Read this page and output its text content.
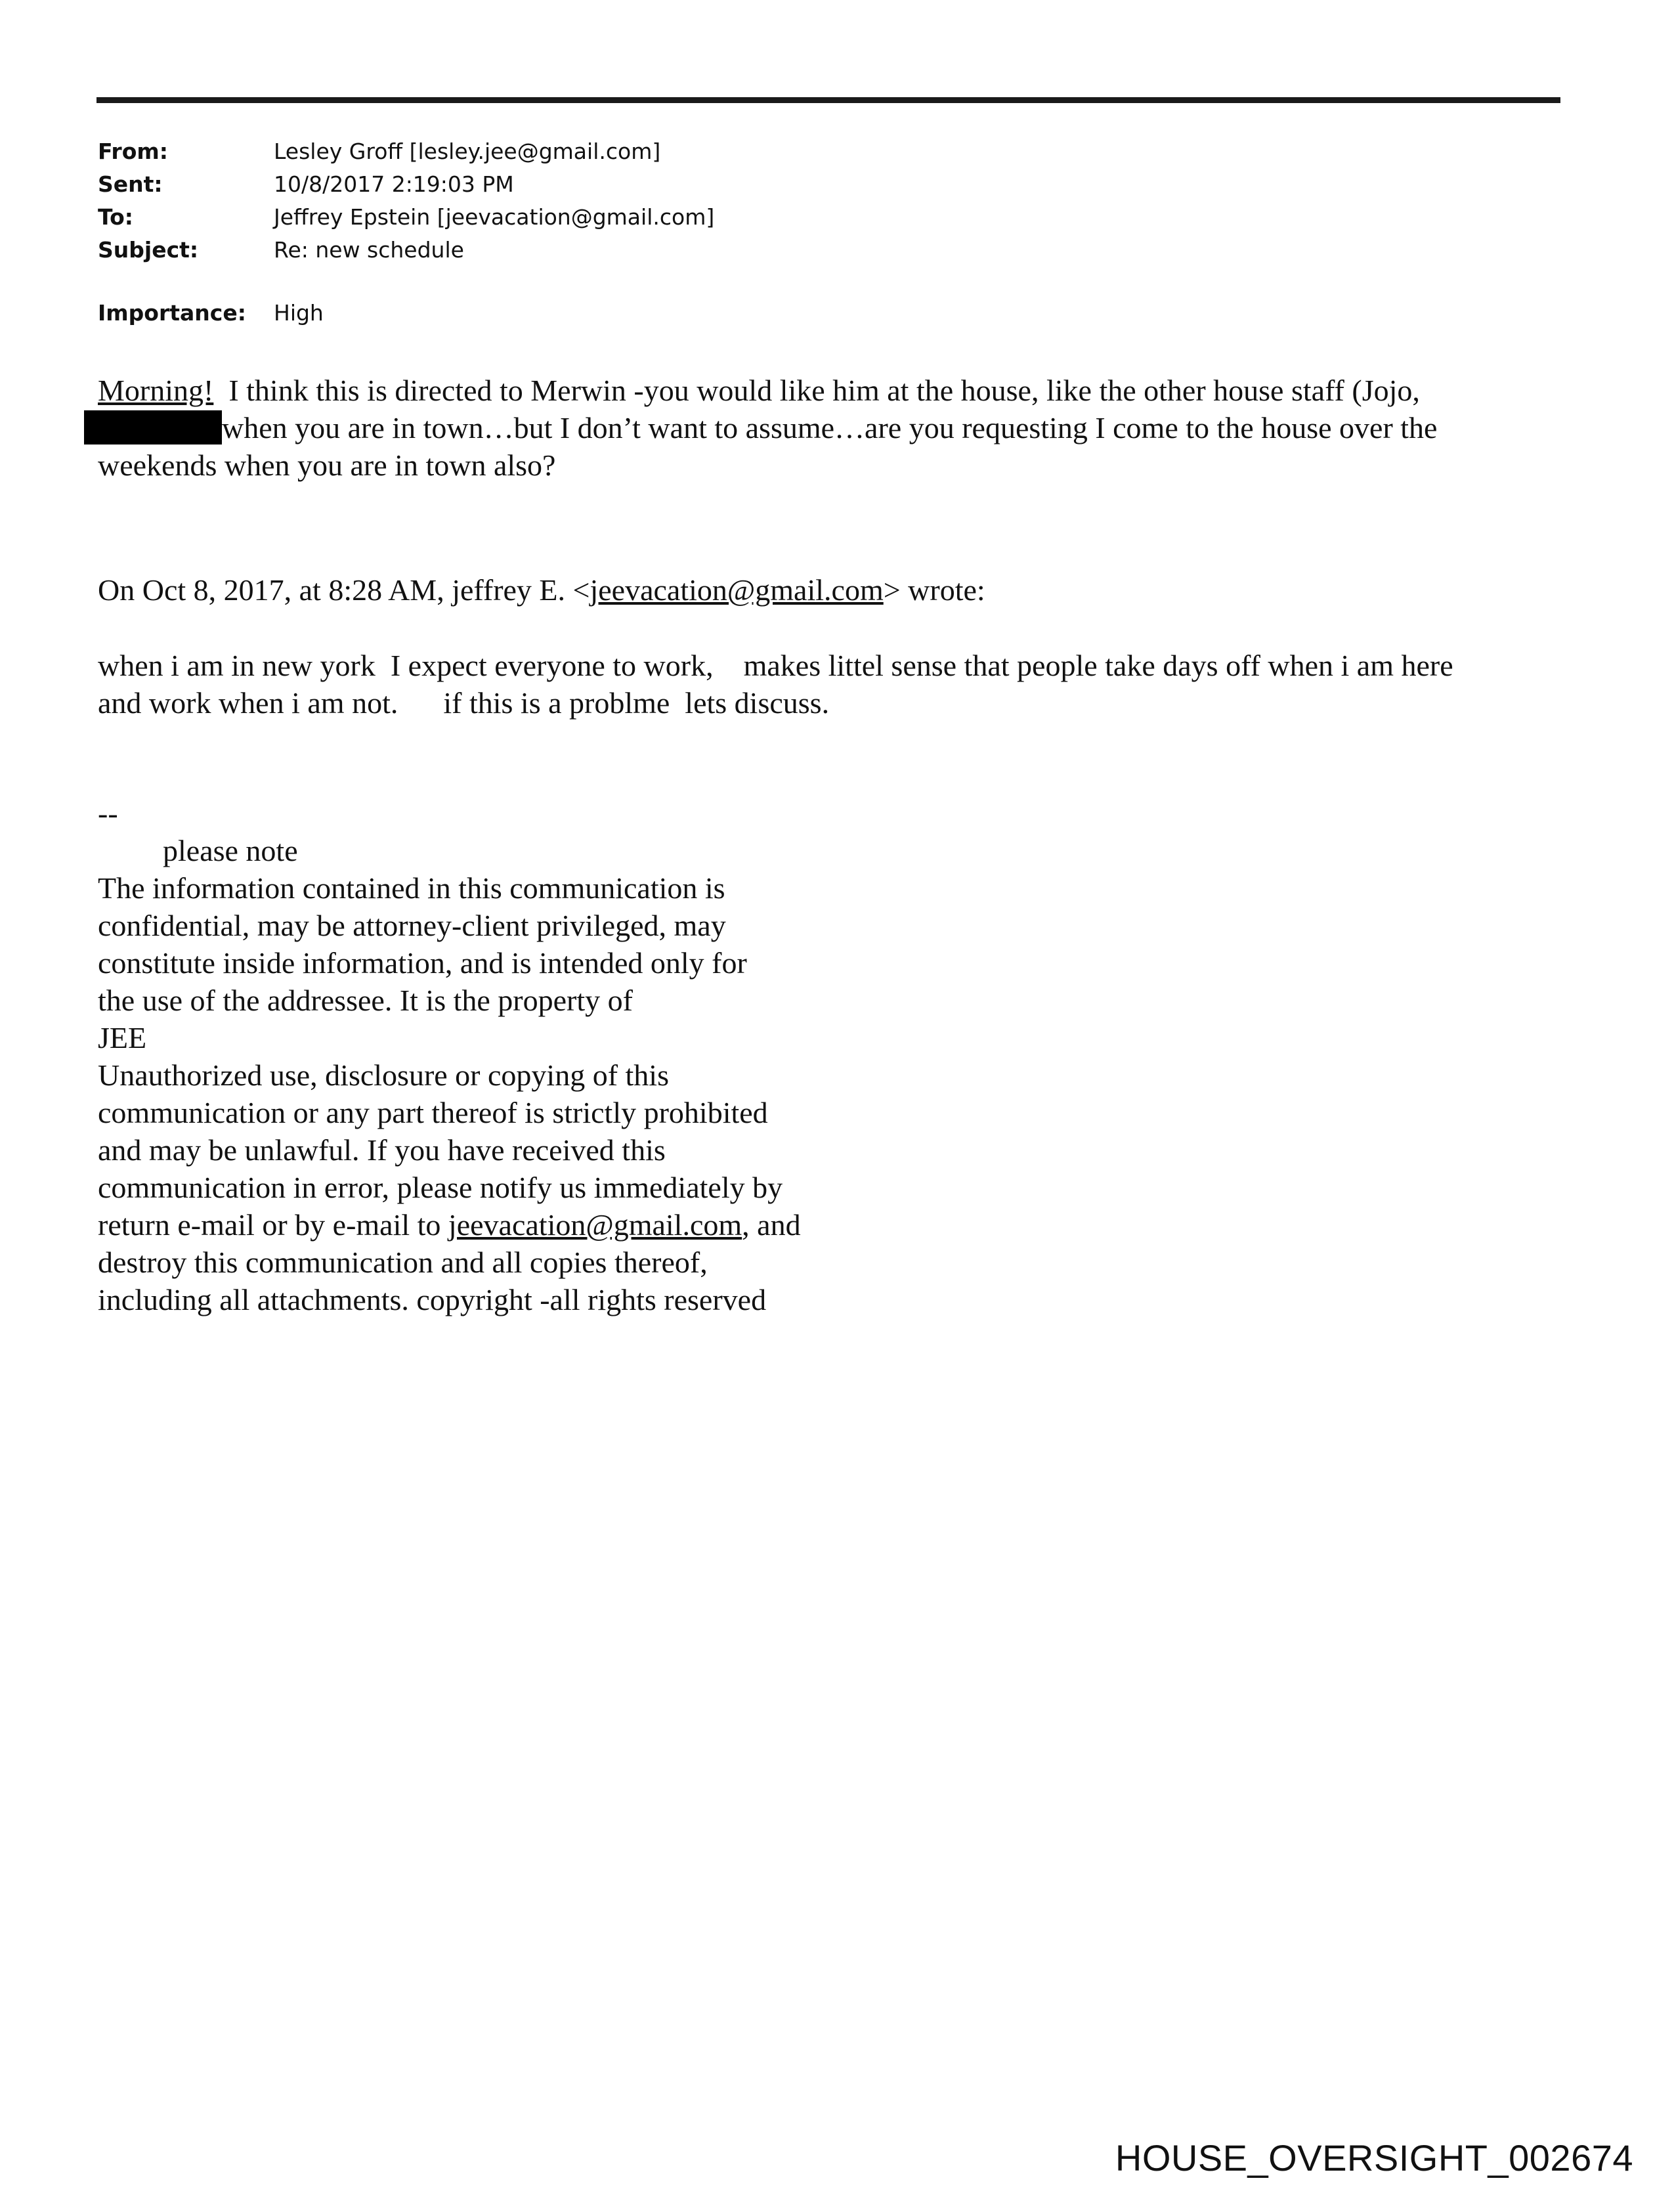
From:	Lesley Groff [lesley.jee@gmail.com]
Sent:	10/8/2017 2:19:03 PM
To:	Jeffrey Epstein [jeevacation@gmail.com]
Subject:	Re: new schedule
Importance:	High
Morning!  I think this is directed to Merwin -you would like him at the house, like the other house staff (Jojo,
when you are in town…but I don’t want to assume…are you requesting I come to the house over the
weekends when you are in town also?
On Oct 8, 2017, at 8:28 AM, jeffrey E. <jeevacation@gmail.com> wrote:
when i am in new york  I expect everyone to work,    makes littel sense that people take days off when i am here
and work when i am not.      if this is a problme  lets discuss.
--
please note
The information contained in this communication is
confidential, may be attorney-client privileged, may
constitute inside information, and is intended only for
the use of the addressee. It is the property of
JEE
Unauthorized use, disclosure or copying of this
communication or any part thereof is strictly prohibited
and may be unlawful. If you have received this
communication in error, please notify us immediately by
return e-mail or by e-mail to jeevacation@gmail.com, and
destroy this communication and all copies thereof,
including all attachments. copyright -all rights reserved
HOUSE_OVERSIGHT_002674
